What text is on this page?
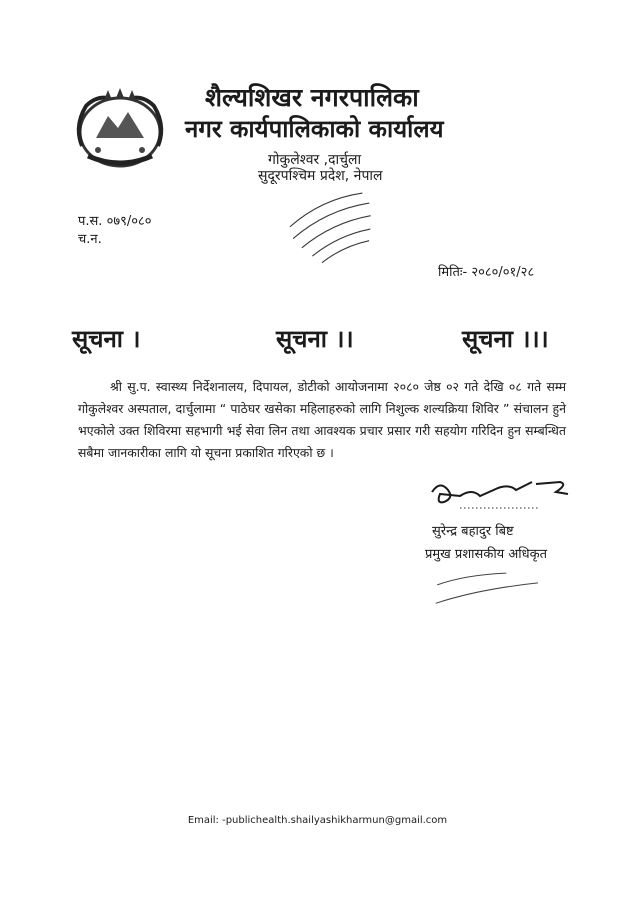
शैल्यशिखर नगरपालिका
नगर कार्यपालिकाको कार्यालय
गोकुलेश्वर ,दार्चुला
सुदूरपश्चिम प्रदेश, नेपाल
प.स. ०७९/०८०
च.न.
मितिः- २०८०/०१/२८
सूचना ।	सूचना ।।	सूचना ।।।
श्री सु.प. स्वास्थ्य निर्देशनालय, दिपायल, डोटीको आयोजनामा २०८० जेष्ठ ०२ गते देखि ०८ गते सम्म गोकुलेश्वर अस्पताल, दार्चुलामा “ पाठेघर खसेका महिलाहरुको लागि निशुल्क शल्यक्रिया शिविर ” संचालन हुने भएकोले उक्त शिविरमा सहभागी भई सेवा लिन तथा आवश्यक प्रचार प्रसार गरी सहयोग गरिदिन हुन सम्बन्धित सबैमा जानकारीका लागि यो सूचना प्रकाशित गरिएको छ ।
सुरेन्द्र बहादुर बिष्ट
प्रमुख प्रशासकीय अधिकृत
Email: -publichealth.shailyashikharmun@gmail.com
